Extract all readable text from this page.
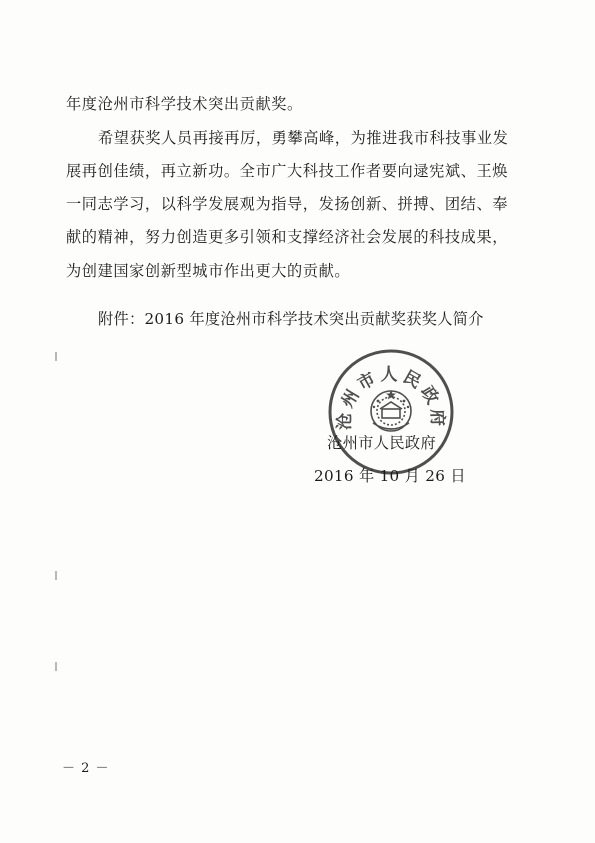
年度沧州市科学技术突出贡献奖。
希望获奖人员再接再厉，勇攀高峰，为推进我市科技事业发
展再创佳绩，再立新功。全市广大科技工作者要向逯宪斌、王焕
一同志学习，以科学发展观为指导，发扬创新、拼搏、团结、奉
献的精神，努力创造更多引领和支撑经济社会发展的科技成果，
为创建国家创新型城市作出更大的贡献。
附件：2016 年度沧州市科学技术突出贡献奖获奖人简介
沧州市人民政府
沧州市人民政府
2016 年 10 月 26 日
－ 2 －
